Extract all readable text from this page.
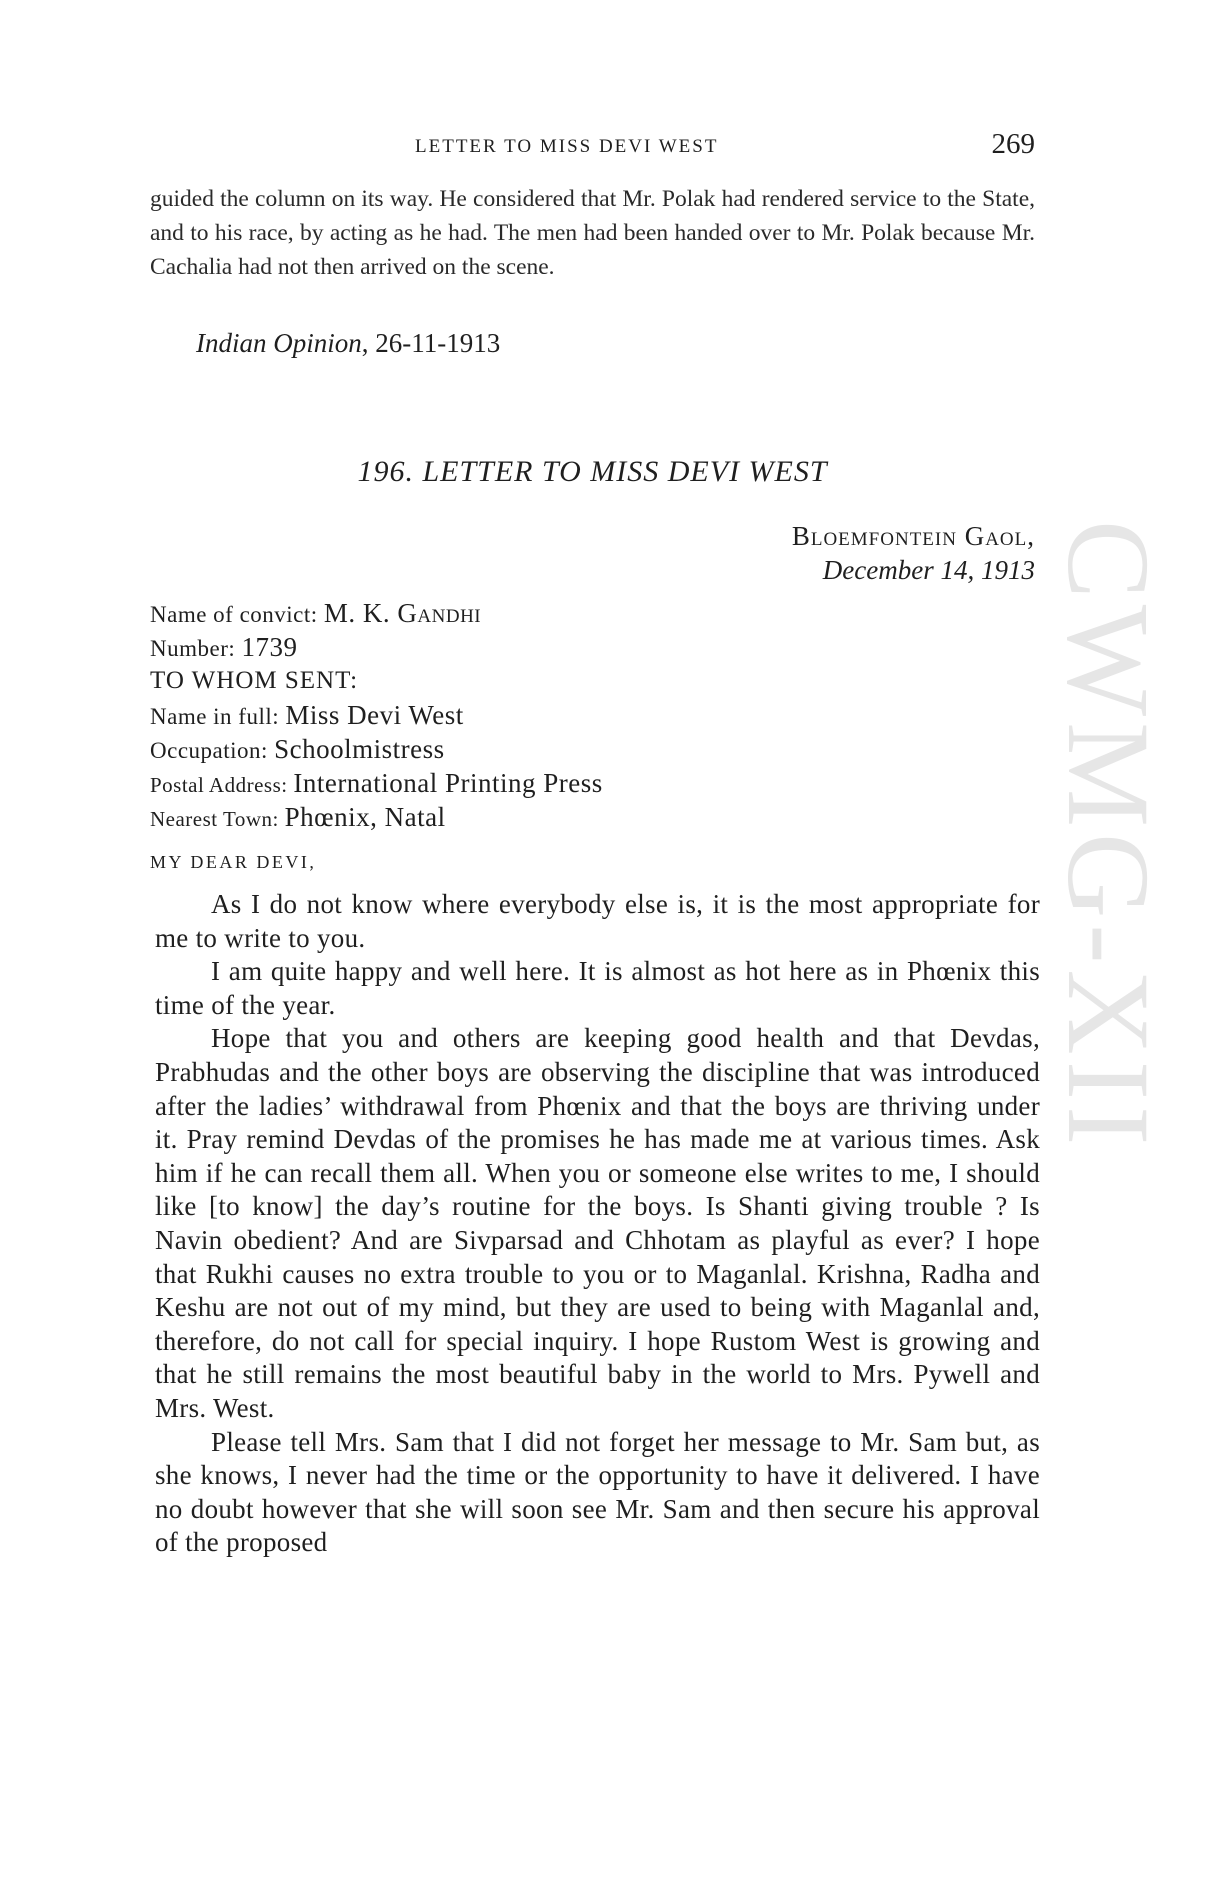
LETTER TO MISS DEVI WEST	269
guided the column on its way. He considered that Mr. Polak had rendered service to the State, and to his race, by acting as he had. The men had been handed over to Mr. Polak because Mr. Cachalia had not then arrived on the scene.
Indian Opinion, 26-11-1913
196. LETTER TO MISS DEVI WEST
Bloemfontein Gaol,
December 14, 1913
Name of convict: M. K. Gandhi
Number: 1739
TO WHOM SENT:
Name in full: Miss Devi West
Occupation: Schoolmistress
Postal Address: International Printing Press
Nearest Town: Phœnix, Natal
MY DEAR DEVI,

As I do not know where everybody else is, it is the most appropriate for me to write to you.

I am quite happy and well here. It is almost as hot here as in Phœnix this time of the year.

Hope that you and others are keeping good health and that Devdas, Prabhudas and the other boys are observing the discipline that was introduced after the ladies’ withdrawal from Phœnix and that the boys are thriving under it. Pray remind Devdas of the promises he has made me at various times. Ask him if he can recall them all. When you or someone else writes to me, I should like [to know] the day’s routine for the boys. Is Shanti giving trouble ? Is Navin obedient? And are Sivparsad and Chhotam as playful as ever? I hope that Rukhi causes no extra trouble to you or to Maganlal. Krishna, Radha and Keshu are not out of my mind, but they are used to being with Maganlal and, therefore, do not call for special inquiry. I hope Rustom West is growing and that he still remains the most beautiful baby in the world to Mrs. Pywell and Mrs. West.

Please tell Mrs. Sam that I did not forget her message to Mr. Sam but, as she knows, I never had the time or the opportunity to have it delivered. I have no doubt however that she will soon see Mr. Sam and then secure his approval of the proposed

CWMG-XII
